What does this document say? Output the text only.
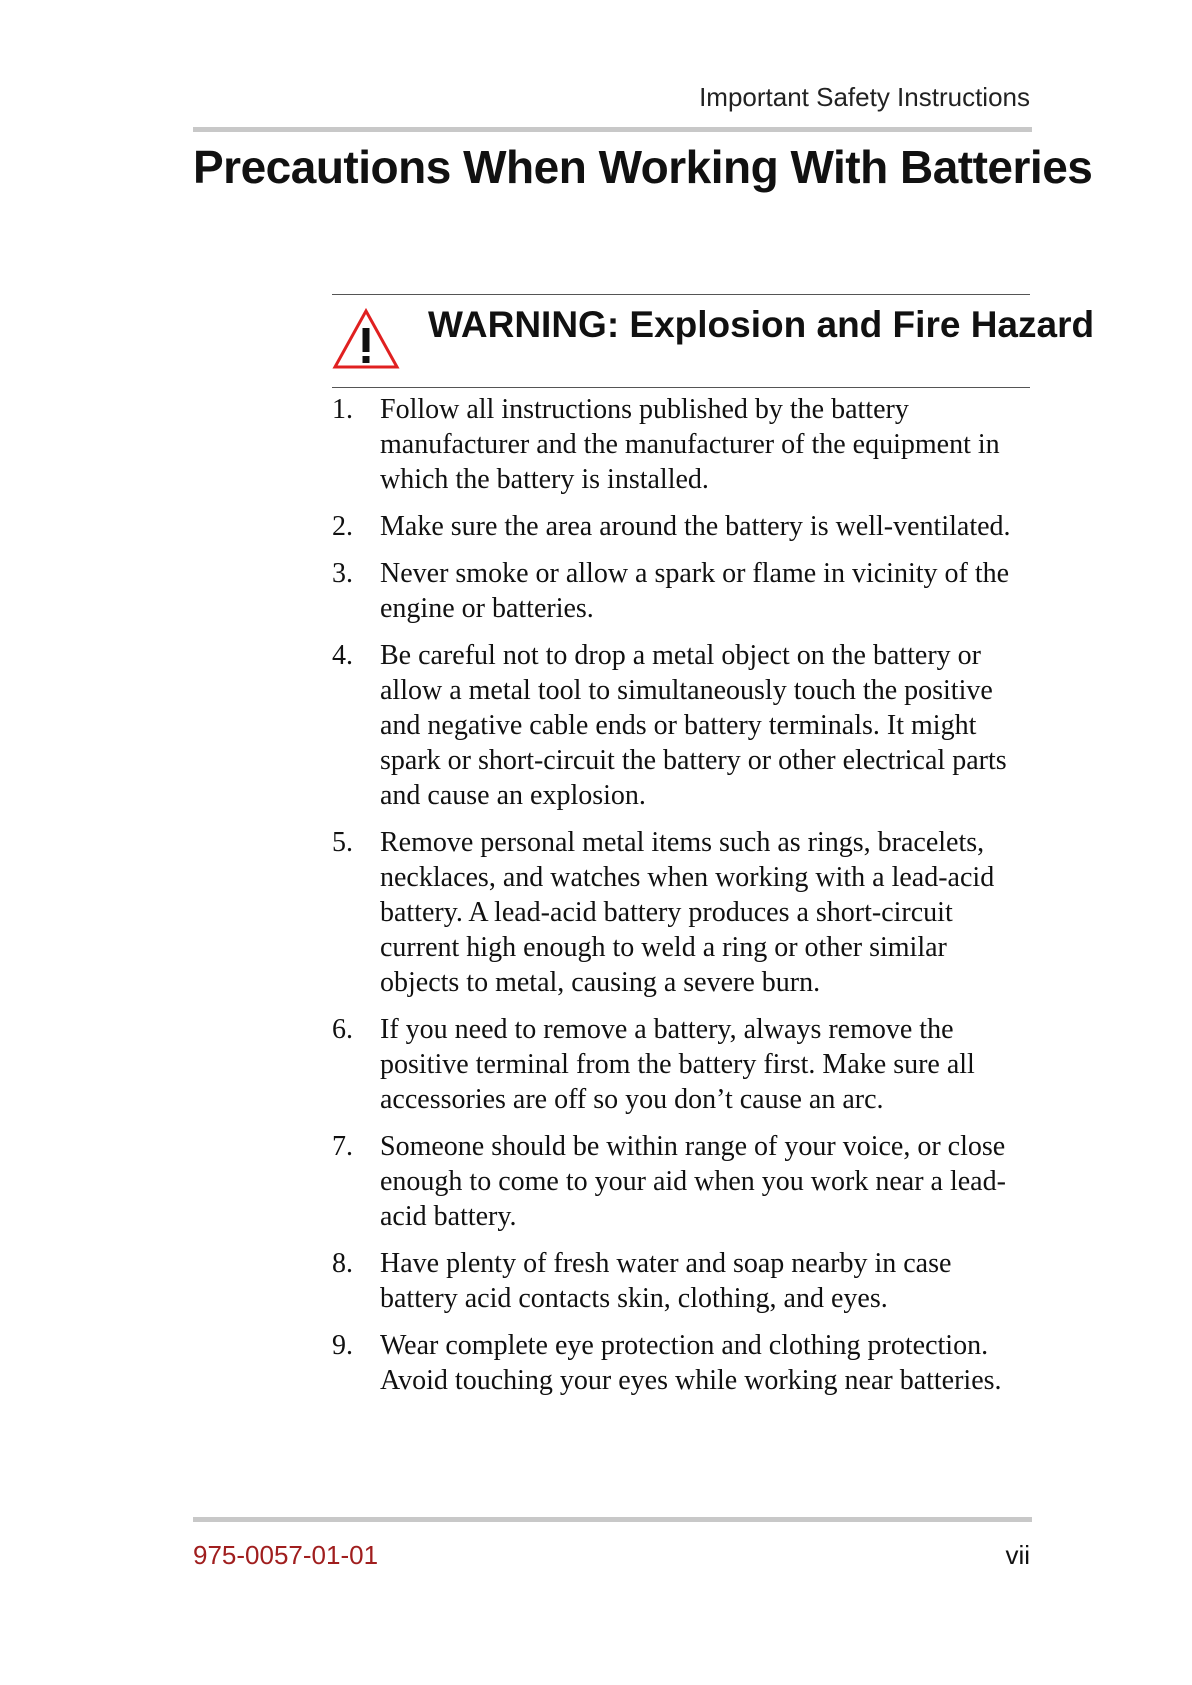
Important Safety Instructions
Precautions When Working With Batteries
WARNING: Explosion and Fire Hazard
1. Follow all instructions published by the battery manufacturer and the manufacturer of the equipment in which the battery is installed.
2. Make sure the area around the battery is well-ventilated.
3. Never smoke or allow a spark or flame in vicinity of the engine or batteries.
4. Be careful not to drop a metal object on the battery or allow a metal tool to simultaneously touch the positive and negative cable ends or battery terminals. It might spark or short-circuit the battery or other electrical parts and cause an explosion.
5. Remove personal metal items such as rings, bracelets, necklaces, and watches when working with a lead-acid battery. A lead-acid battery produces a short-circuit current high enough to weld a ring or other similar objects to metal, causing a severe burn.
6. If you need to remove a battery, always remove the positive terminal from the battery first. Make sure all accessories are off so you don’t cause an arc.
7. Someone should be within range of your voice, or close enough to come to your aid when you work near a lead-acid battery.
8. Have plenty of fresh water and soap nearby in case battery acid contacts skin, clothing, and eyes.
9. Wear complete eye protection and clothing protection. Avoid touching your eyes while working near batteries.
975-0057-01-01	vii
